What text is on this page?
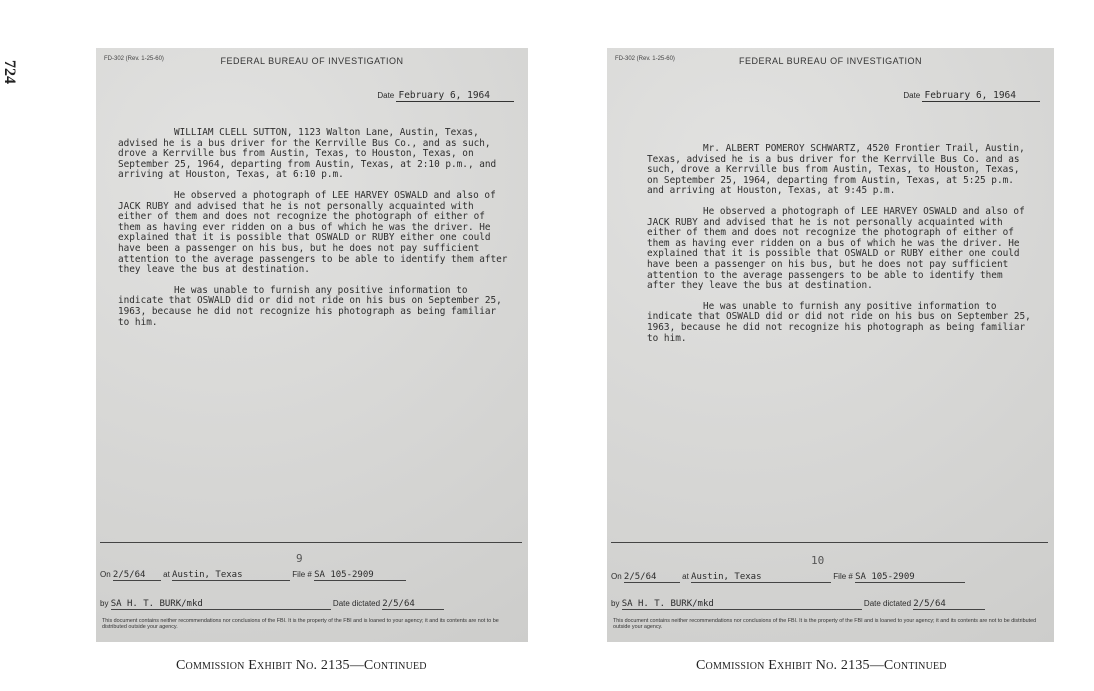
724
FD-302 (Rev. 1-25-60)	FEDERAL BUREAU OF INVESTIGATION
Date February 6, 1964

WILLIAM CLELL SUTTON, 1123 Walton Lane, Austin, Texas, advised he is a bus driver for the Kerrville Bus Co., and as such, drove a Kerrville bus from Austin, Texas, to Houston, Texas, on September 25, 1964, departing from Austin, Texas, at 2:10 p.m., and arriving at Houston, Texas, at 6:10 p.m.

He observed a photograph of LEE HARVEY OSWALD and also of JACK RUBY and advised that he is not personally acquainted with either of them and does not recognize the photograph of either of them as having ever ridden on a bus of which he was the driver. He explained that it is possible that OSWALD or RUBY either one could have been a passenger on his bus, but he does not pay sufficient attention to the average passengers to be able to identify them after they leave the bus at destination.

He was unable to furnish any positive information to indicate that OSWALD did or did not ride on his bus on September 25, 1963, because he did not recognize his photograph as being familiar to him.

9
On 2/5/64 at Austin, Texas	File # SA 105-2909
by SA H. T. BURK/mkd	Date dictated 2/5/64
This document contains neither recommendations nor conclusions of the FBI. It is the property of the FBI and is loaned to your agency; it and its contents are not to be distributed outside your agency.
FD-302 (Rev. 1-25-60)	FEDERAL BUREAU OF INVESTIGATION
Date February 6, 1964

Mr. ALBERT POMEROY SCHWARTZ, 4520 Frontier Trail, Austin, Texas, advised he is a bus driver for the Kerrville Bus Co. and as such, drove a Kerrville bus from Austin, Texas, to Houston, Texas, on September 25, 1964, departing from Austin, Texas, at 5:25 p.m. and arriving at Houston, Texas, at 9:45 p.m.

He observed a photograph of LEE HARVEY OSWALD and also of JACK RUBY and advised that he is not personally acquainted with either of them and does not recognize the photograph of either of them as having ever ridden on a bus of which he was the driver. He explained that it is possible that OSWALD or RUBY either one could have been a passenger on his bus, but he does not pay sufficient attention to the average passengers to be able to identify them after they leave the bus at destination.

He was unable to furnish any positive information to indicate that OSWALD did or did not ride on his bus on September 25, 1963, because he did not recognize his photograph as being familiar to him.

10
On 2/5/64	at Austin, Texas	File # SA 105-2909
by SA H. T. BURK/mkd	Date dictated 2/5/64
This document contains neither recommendations nor conclusions of the FBI. It is the property of the FBI and is loaned to your agency; it and its contents are not to be distributed outside your agency.
Commission Exhibit No. 2135—Continued	Commission Exhibit No. 2135—Continued
